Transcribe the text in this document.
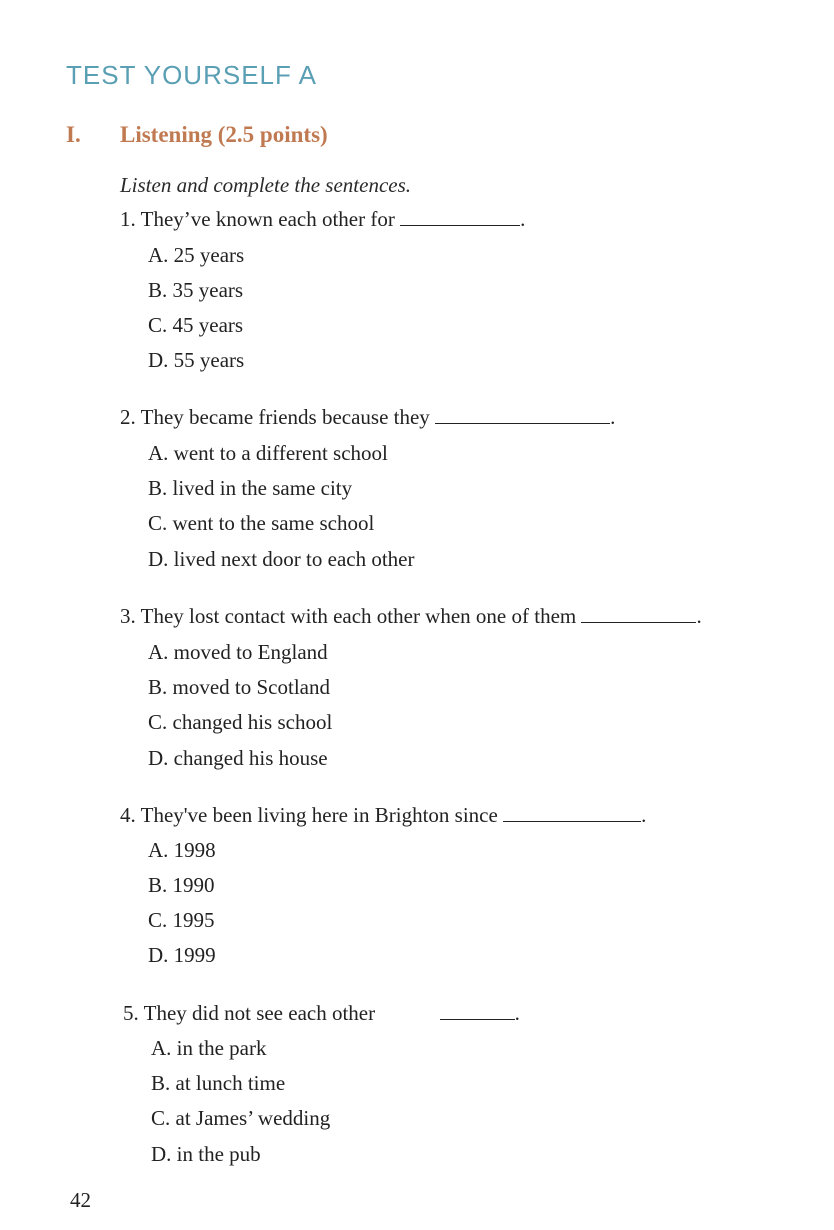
TEST YOURSELF A
I. Listening (2.5 points)
Listen and complete the sentences.
1. They’ve known each other for	.
A. 25 years
B. 35 years
C. 45 years
D. 55 years
2. They became friends because they	.
A. went to a different school
B. lived in the same city
C. went to the same school
D. lived next door to each other
3. They lost contact with each other when one of them	.
A. moved to England
B. moved to Scotland
C. changed his school
D. changed his house
4. They've been living here in Brighton since	.
A. 1998
B. 1990
C. 1995
D. 1999
5. They did not see each other	.
A. in the park
B. at lunch time
C. at James’ wedding
D. in the pub
42
